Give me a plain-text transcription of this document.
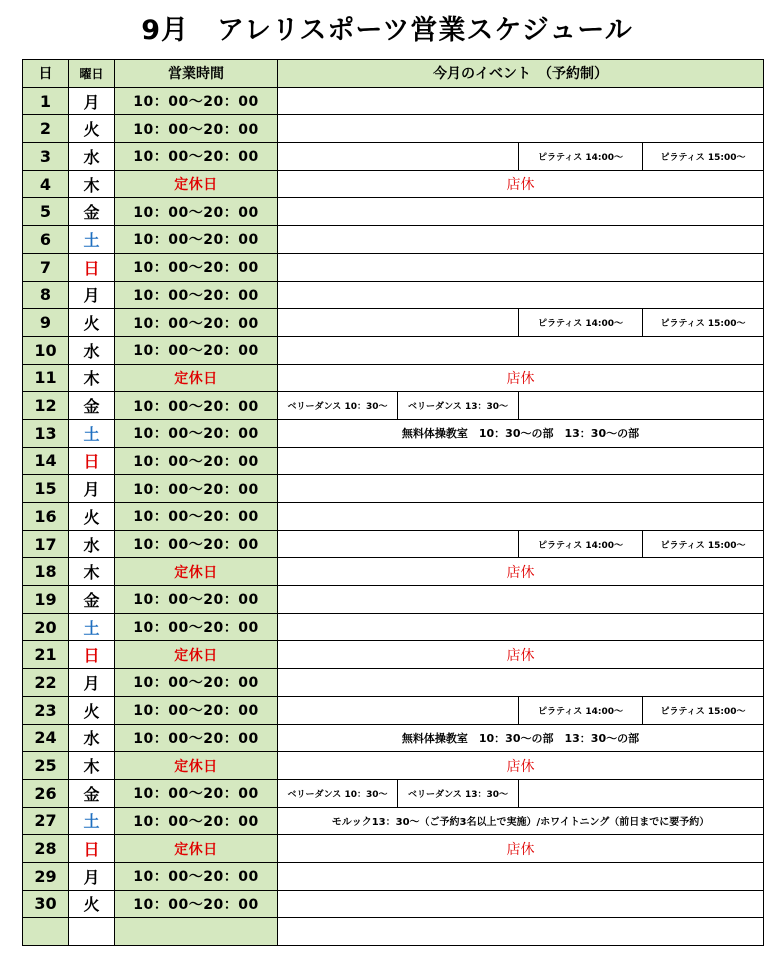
9月　アレリスポーツ営業スケジュール
日	曜日	営業時間	今月のイベント　（予約制）			
1	月	10：00～20：00				
2	火	10：00～20：00				
3	水	10：00～20：00			ピラティス 14:00～	ピラティス 15:00～
4	木	定休日	店休			
5	金	10：00～20：00				
6	土	10：00～20：00				
7	日	10：00～20：00				
8	月	10：00～20：00				
9	火	10：00～20：00			ピラティス 14:00～	ピラティス 15:00～
10	水	10：00～20：00				
11	木	定休日	店休			
12	金	10：00～20：00	ベリーダンス 10：30～	ベリーダンス 13：30～		
13	土	10：00～20：00	無料体操教室　10：30～の部　13：30～の部			
14	日	10：00～20：00				
15	月	10：00～20：00				
16	火	10：00～20：00				
17	水	10：00～20：00			ピラティス 14:00～	ピラティス 15:00～
18	木	定休日	店休			
19	金	10：00～20：00				
20	土	10：00～20：00				
21	日	定休日	店休			
22	月	10：00～20：00				
23	火	10：00～20：00			ピラティス 14:00～	ピラティス 15:00～
24	水	10：00～20：00	無料体操教室　10：30～の部　13：30～の部			
25	木	定休日	店休			
26	金	10：00～20：00	ベリーダンス 10：30～	ベリーダンス 13：30～		
27	土	10：00～20：00	モルック13：30～（ご予約3名以上で実施）/ホワイトニング（前日までに要予約）			
28	日	定休日	店休			
29	月	10：00～20：00				
30	火	10：00～20：00				
